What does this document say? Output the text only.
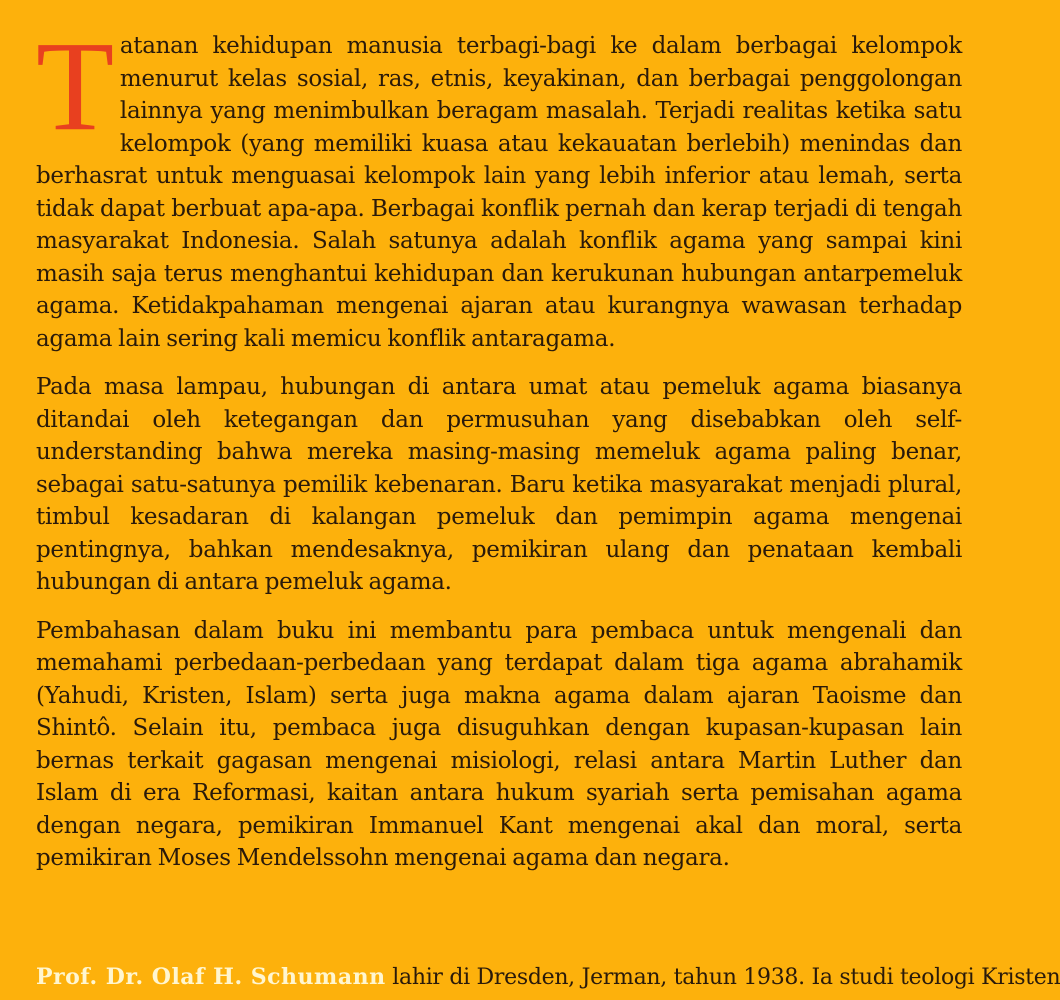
Tatanan kehidupan manusia terbagi-bagi ke dalam berbagai kelompok menurut kelas sosial, ras, etnis, keyakinan, dan berbagai penggolongan lainnya yang menimbulkan beragam masalah. Terjadi realitas ketika satu kelompok (yang memiliki kuasa atau kekauatan berlebih) menindas dan berhasrat untuk menguasai kelompok lain yang lebih inferior atau lemah, serta tidak dapat berbuat apa-apa. Berbagai konflik pernah dan kerap terjadi di tengah masyarakat Indonesia. Salah satunya adalah konflik agama yang sampai kini masih saja terus menghantui kehidupan dan kerukunan hubungan antarpemeluk agama. Ketidakpahaman mengenai ajaran atau kurangnya wawasan terhadap agama lain sering kali memicu konflik antaragama.

Pada masa lampau, hubungan di antara umat atau pemeluk agama biasanya ditandai oleh ketegangan dan permusuhan yang disebabkan oleh self-understanding bahwa mereka masing-masing memeluk agama paling benar, sebagai satu-satunya pemilik kebenaran. Baru ketika masyarakat menjadi plural, timbul kesadaran di kalangan pemeluk dan pemimpin agama mengenai pentingnya, bahkan mendesaknya, pemikiran ulang dan penataan kembali hubungan di antara pemeluk agama.

Pembahasan dalam buku ini membantu para pembaca untuk mengenali dan memahami perbedaan-perbedaan yang terdapat dalam tiga agama abrahamik (Yahudi, Kristen, Islam) serta juga makna agama dalam ajaran Taoisme dan Shintô. Selain itu, pembaca juga disuguhkan dengan kupasan-kupasan lain bernas terkait gagasan mengenai misiologi, relasi antara Martin Luther dan Islam di era Reformasi, kaitan antara hukum syariah serta pemisahan agama dengan negara, pemikiran Immanuel Kant mengenai akal dan moral, serta pemikiran Moses Mendelssohn mengenai agama dan negara.

Prof. Dr. Olaf H. Schumann lahir di Dresden, Jerman, tahun 1938. Ia studi teologi Kristen
